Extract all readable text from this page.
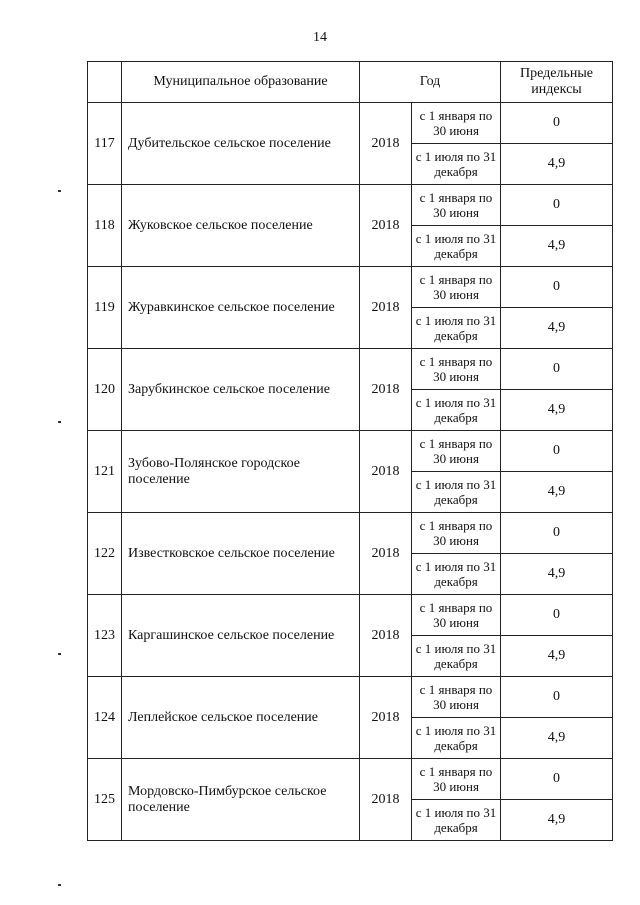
14
	Муниципальное образование	Год		Предельные индексы
117	Дубительское сельское поселение	2018	с 1 января по 30 июня	0
			с 1 июля по 31 декабря	4,9
118	Жуковское сельское поселение	2018	с 1 января по 30 июня	0
			с 1 июля по 31 декабря	4,9
119	Журавкинское сельское поселение	2018	с 1 января по 30 июня	0
			с 1 июля по 31 декабря	4,9
120	Зарубкинское сельское поселение	2018	с 1 января по 30 июня	0
			с 1 июля по 31 декабря	4,9
121	Зубово-Полянское городское поселение	2018	с 1 января по 30 июня	0
			с 1 июля по 31 декабря	4,9
122	Известковское сельское поселение	2018	с 1 января по 30 июня	0
			с 1 июля по 31 декабря	4,9
123	Каргашинское сельское поселение	2018	с 1 января по 30 июня	0
			с 1 июля по 31 декабря	4,9
124	Леплейское сельское поселение	2018	с 1 января по 30 июня	0
			с 1 июля по 31 декабря	4,9
125	Мордовско-Пимбурское сельское поселение	2018	с 1 января по 30 июня	0
			с 1 июля по 31 декабря	4,9
